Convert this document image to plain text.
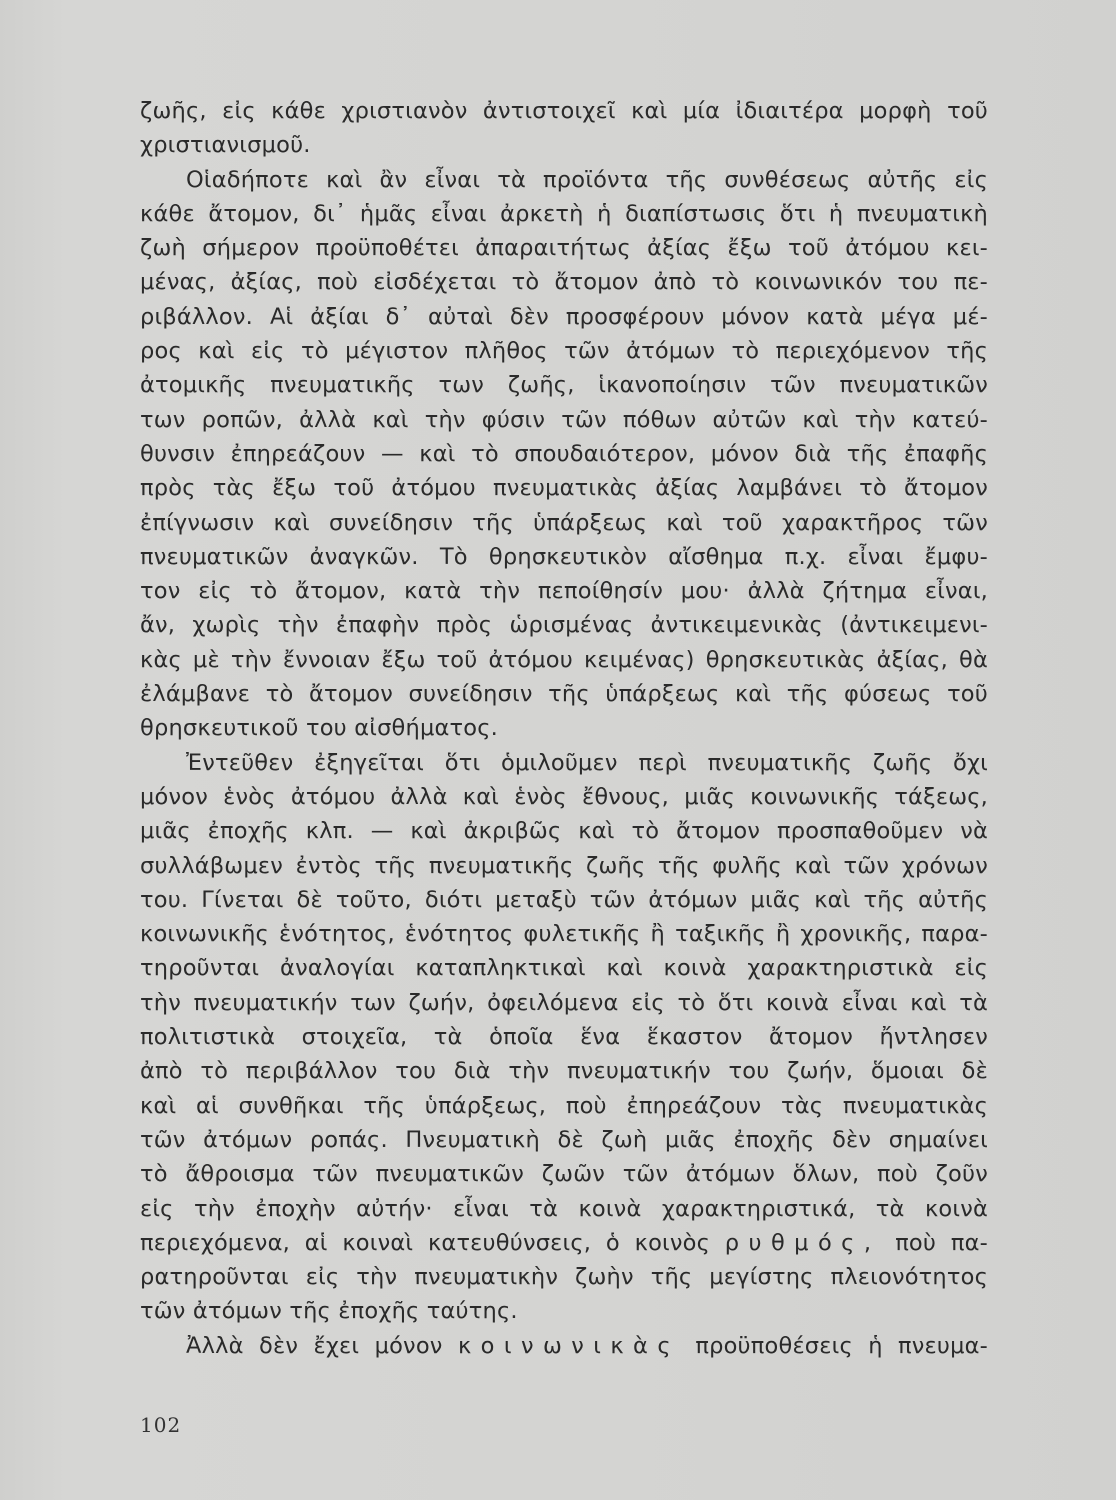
ζωῆς, εἰς κάθε χριστιανὸν ἀντιστοιχεῖ καὶ μία ἰδιαιτέρα μορφὴ τοῦ
χριστιανισμοῦ.
Οἱαδήποτε καὶ ἂν εἶναι τὰ προϊόντα τῆς συνθέσεως αὐτῆς εἰς
κάθε ἄτομον, δι᾽ ἡμᾶς εἶναι ἀρκετὴ ἡ διαπίστωσις ὅτι ἡ πνευματικὴ
ζωὴ σήμερον προϋποθέτει ἀπαραιτήτως ἀξίας ἔξω τοῦ ἀτόμου κει-
μένας, ἀξίας, ποὺ εἰσδέχεται τὸ ἄτομον ἀπὸ τὸ κοινωνικόν του πε-
ριβάλλον. Αἱ ἀξίαι δ᾽ αὐταὶ δὲν προσφέρουν μόνον κατὰ μέγα μέ-
ρος καὶ εἰς τὸ μέγιστον πλῆθος τῶν ἀτόμων τὸ περιεχόμενον τῆς
ἀτομικῆς πνευματικῆς των ζωῆς, ἱκανοποίησιν τῶν πνευματικῶν
των ροπῶν, ἀλλὰ καὶ τὴν φύσιν τῶν πόθων αὐτῶν καὶ τὴν κατεύ-
θυνσιν ἐπηρεάζουν — καὶ τὸ σπουδαιότερον, μόνον διὰ τῆς ἐπαφῆς
πρὸς τὰς ἔξω τοῦ ἀτόμου πνευματικὰς ἀξίας λαμβάνει τὸ ἄτομον
ἐπίγνωσιν καὶ συνείδησιν τῆς ὑπάρξεως καὶ τοῦ χαρακτῆρος τῶν
πνευματικῶν ἀναγκῶν. Τὸ θρησκευτικὸν αἴσθημα π.χ. εἶναι ἔμφυ-
τον εἰς τὸ ἄτομον, κατὰ τὴν πεποίθησίν μου· ἀλλὰ ζήτημα εἶναι,
ἄν, χωρὶς τὴν ἐπαφὴν πρὸς ὡρισμένας ἀντικειμενικὰς (ἀντικειμενι-
κὰς μὲ τὴν ἔννοιαν ἔξω τοῦ ἀτόμου κειμένας) θρησκευτικὰς ἀξίας, θὰ
ἐλάμβανε τὸ ἄτομον συνείδησιν τῆς ὑπάρξεως καὶ τῆς φύσεως τοῦ
θρησκευτικοῦ του αἰσθήματος.
Ἐντεῦθεν ἐξηγεῖται ὅτι ὁμιλοῦμεν περὶ πνευματικῆς ζωῆς ὄχι
μόνον ἑνὸς ἀτόμου ἀλλὰ καὶ ἑνὸς ἔθνους, μιᾶς κοινωνικῆς τάξεως,
μιᾶς ἐποχῆς κλπ. — καὶ ἀκριβῶς καὶ τὸ ἄτομον προσπαθοῦμεν νὰ
συλλάβωμεν ἐντὸς τῆς πνευματικῆς ζωῆς τῆς φυλῆς καὶ τῶν χρόνων
του. Γίνεται δὲ τοῦτο, διότι μεταξὺ τῶν ἀτόμων μιᾶς καὶ τῆς αὐτῆς
κοινωνικῆς ἑνότητος, ἑνότητος φυλετικῆς ἢ ταξικῆς ἢ χρονικῆς, παρα-
τηροῦνται ἀναλογίαι καταπληκτικαὶ καὶ κοινὰ χαρακτηριστικὰ εἰς
τὴν πνευματικήν των ζωήν, ὀφειλόμενα εἰς τὸ ὅτι κοινὰ εἶναι καὶ τὰ
πολιτιστικὰ στοιχεῖα, τὰ ὁποῖα ἕνα ἕκαστον ἄτομον ἤντλησεν
ἀπὸ τὸ περιβάλλον του διὰ τὴν πνευματικήν του ζωήν, ὅμοιαι δὲ
καὶ αἱ συνθῆκαι τῆς ὑπάρξεως, ποὺ ἐπηρεάζουν τὰς πνευματικὰς
τῶν ἀτόμων ροπάς. Πνευματικὴ δὲ ζωὴ μιᾶς ἐποχῆς δὲν σημαίνει
τὸ ἄθροισμα τῶν πνευματικῶν ζωῶν τῶν ἀτόμων ὅλων, ποὺ ζοῦν
εἰς τὴν ἐποχὴν αὐτήν· εἶναι τὰ κοινὰ χαρακτηριστικά, τὰ κοινὰ
περιεχόμενα, αἱ κοιναὶ κατευθύνσεις, ὁ κοινὸς ρυθμός, ποὺ πα-
ρατηροῦνται εἰς τὴν πνευματικὴν ζωὴν τῆς μεγίστης πλειονότητος
τῶν ἀτόμων τῆς ἐποχῆς ταύτης.
Ἀλλὰ δὲν ἔχει μόνον κοινωνικὰς προϋποθέσεις ἡ πνευμα-
102
